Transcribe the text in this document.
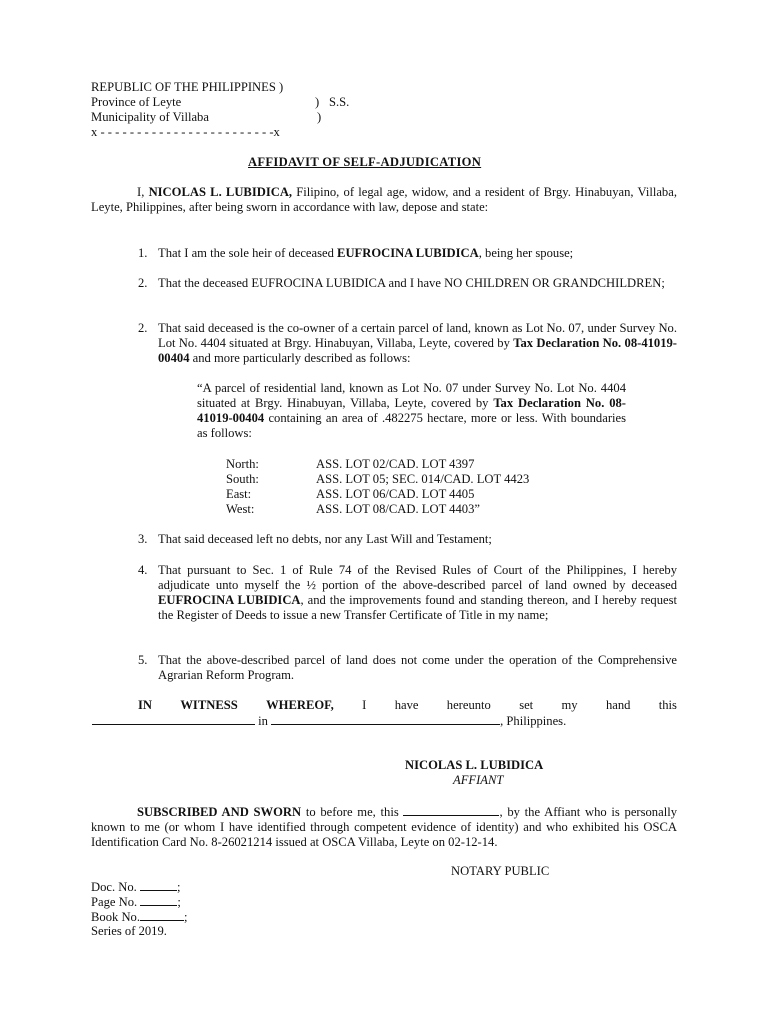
REPUBLIC OF THE PHILIPPINES )
Province of Leyte	) S.S.
Municipality of Villaba	)
x - - - - - - - - - - - - - - - - - - - - - - - -x
AFFIDAVIT OF SELF-ADJUDICATION
I, NICOLAS L. LUBIDICA, Filipino, of legal age, widow, and a resident of Brgy. Hinabuyan, Villaba, Leyte, Philippines, after being sworn in accordance with law, depose and state:
1. That I am the sole heir of deceased EUFROCINA LUBIDICA, being her spouse;
2. That the deceased EUFROCINA LUBIDICA and I have NO CHILDREN OR GRANDCHILDREN;
2. That said deceased is the co-owner of a certain parcel of land, known as Lot No. 07, under Survey No. Lot No. 4404 situated at Brgy. Hinabuyan, Villaba, Leyte, covered by Tax Declaration No. 08-41019-00404 and more particularly described as follows:
“A parcel of residential land, known as Lot No. 07 under Survey No. Lot No. 4404 situated at Brgy. Hinabuyan, Villaba, Leyte, covered by Tax Declaration No. 08-41019-00404 containing an area of .482275 hectare, more or less. With boundaries as follows:
North:	ASS. LOT 02/CAD. LOT 4397
South:	ASS. LOT 05; SEC. 014/CAD. LOT 4423
East:	ASS. LOT 06/CAD. LOT 4405
West:	ASS. LOT 08/CAD. LOT 4403”
3. That said deceased left no debts, nor any Last Will and Testament;
4. That pursuant to Sec. 1 of Rule 74 of the Revised Rules of Court of the Philippines, I hereby adjudicate unto myself the ½ portion of the above-described parcel of land owned by deceased EUFROCINA LUBIDICA, and the improvements found and standing thereon, and I hereby request the Register of Deeds to issue a new Transfer Certificate of Title in my name;
5. That the above-described parcel of land does not come under the operation of the Comprehensive Agrarian Reform Program.
IN WITNESS WHEREOF, I have hereunto set my hand this
in	, Philippines.
NICOLAS L. LUBIDICA
AFFIANT
SUBSCRIBED AND SWORN to before me, this	, by the Affiant who is personally known to me (or whom I have identified through competent evidence of identity) and who exhibited his OSCA Identification Card No. 8-26021214 issued at OSCA Villaba, Leyte on 02-12-14.
NOTARY PUBLIC
Doc. No.	;
Page No.	;
Book No.	;
Series of 2019.
